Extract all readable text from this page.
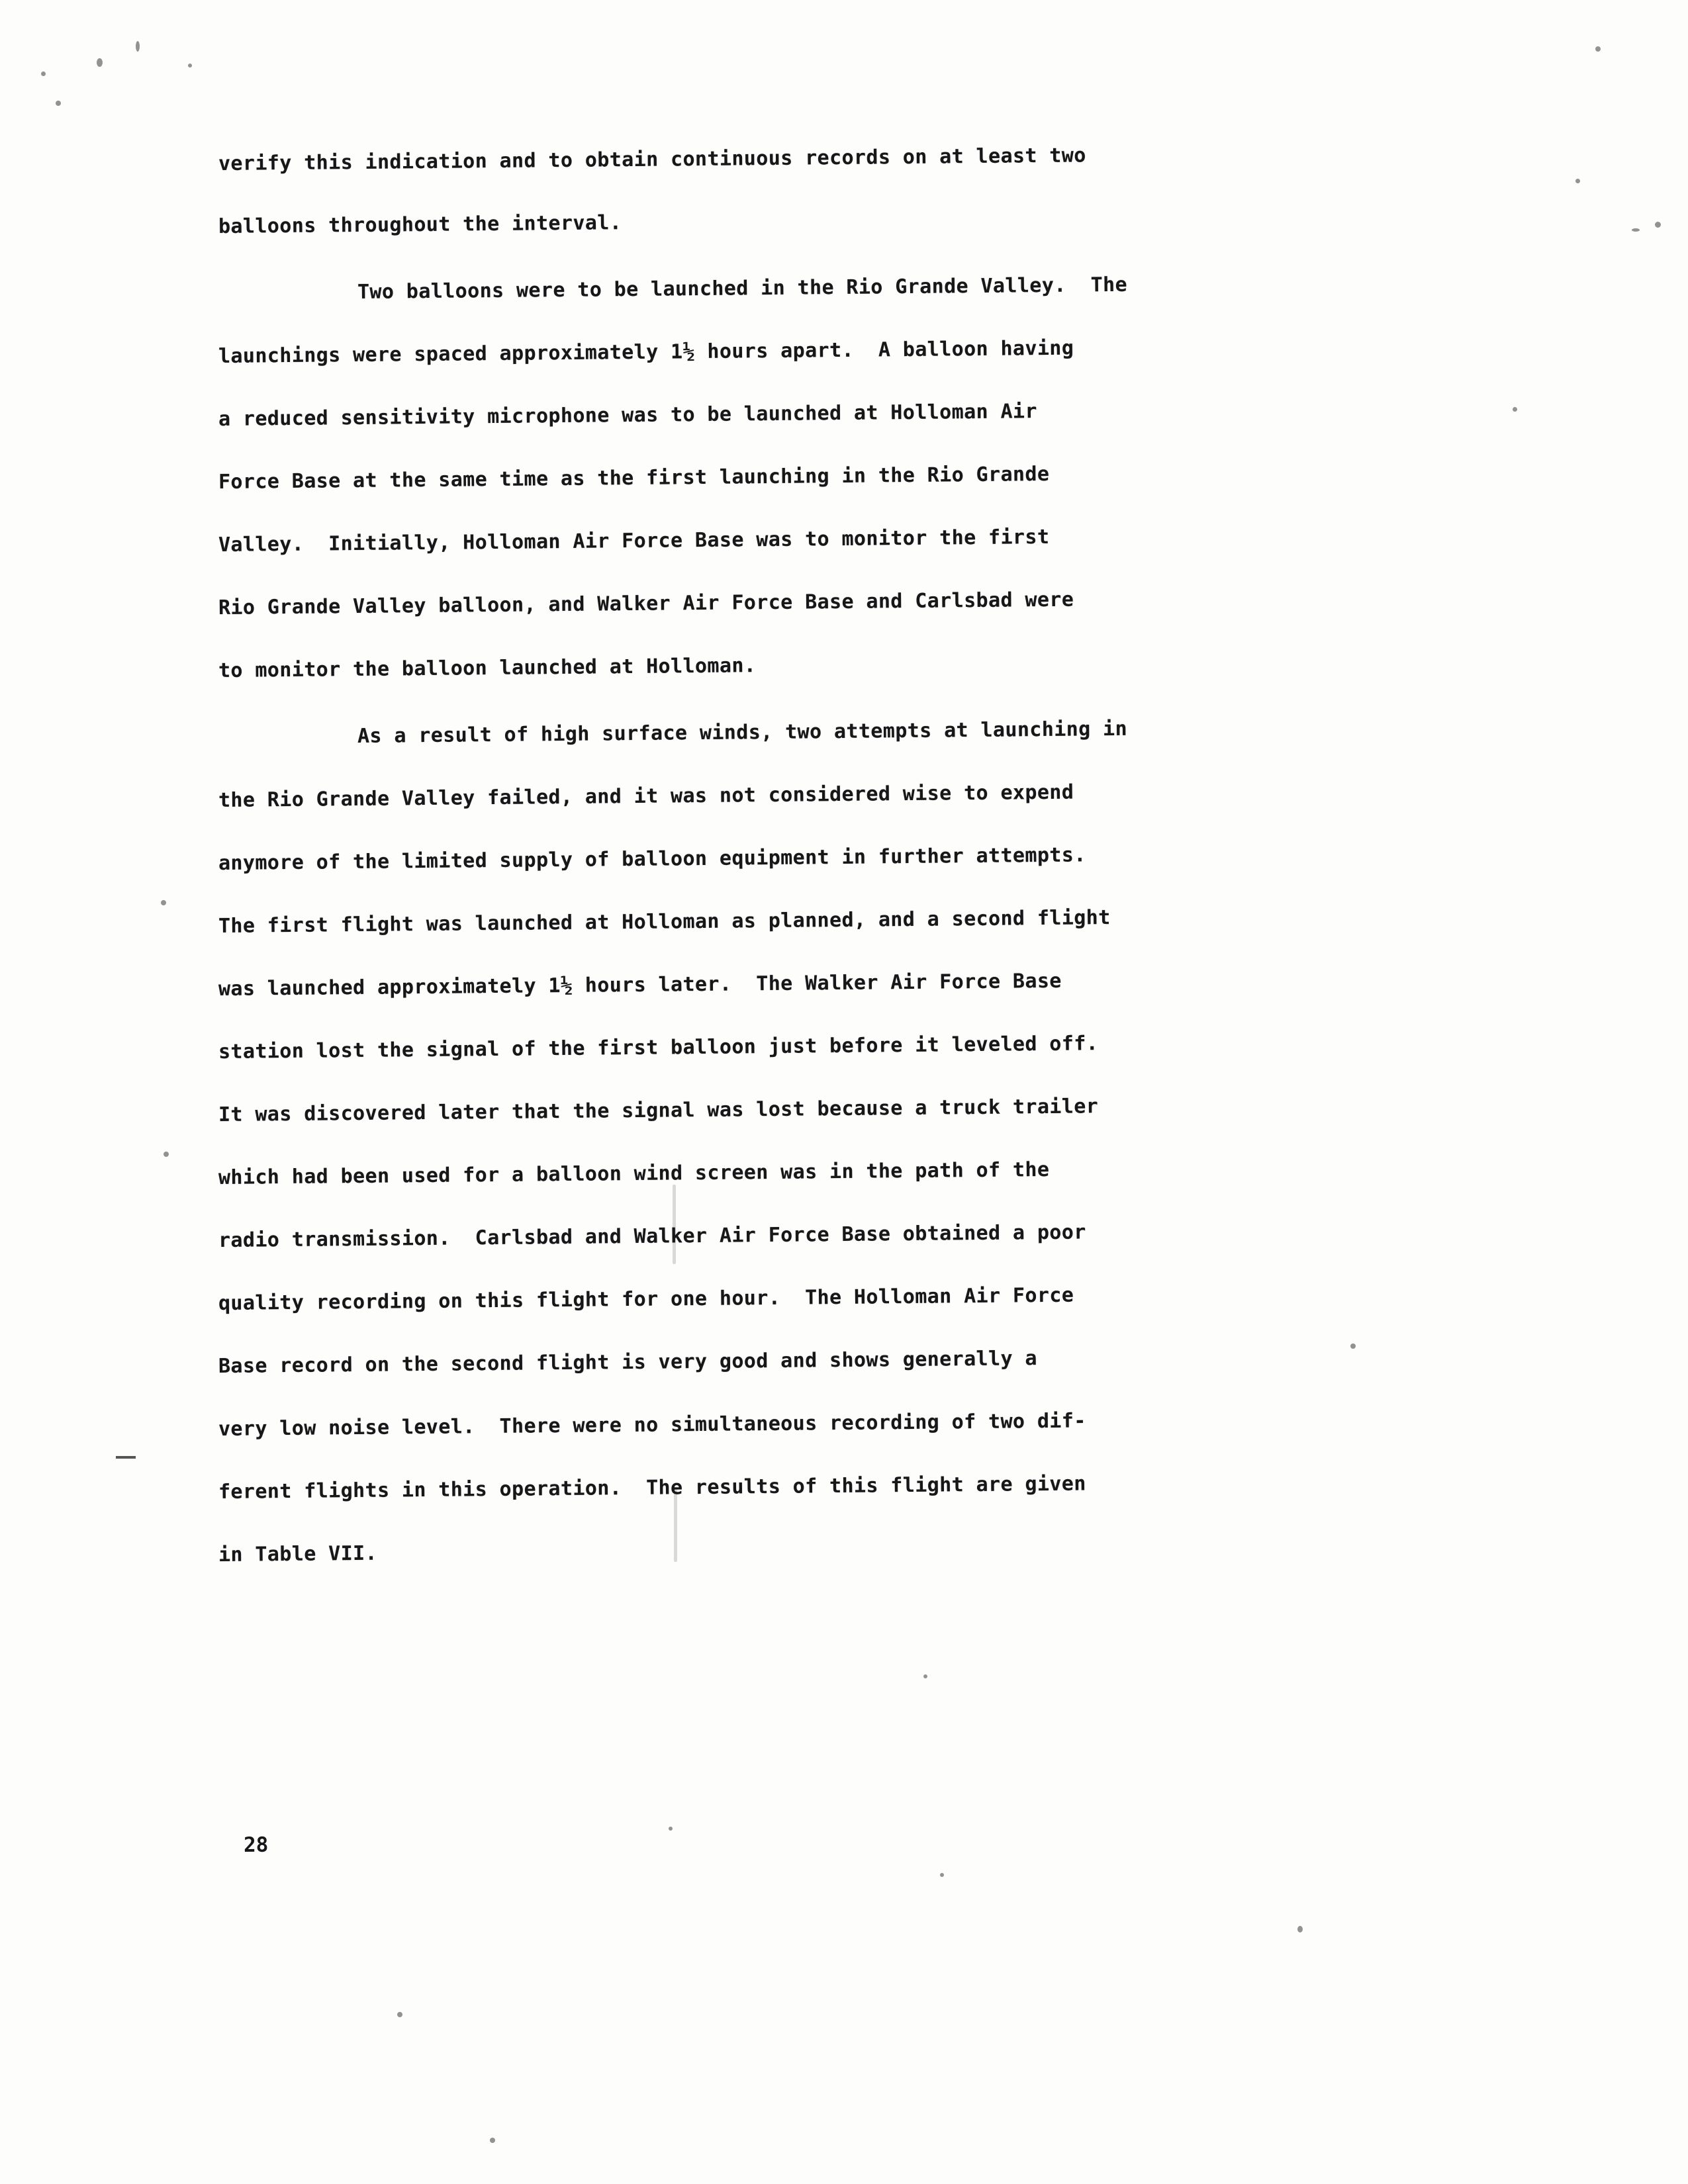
verify this indication and to obtain continuous records on at least two
balloons throughout the interval.
Two balloons were to be launched in the Rio Grande Valley.  The
launchings were spaced approximately 1½ hours apart.  A balloon having
a reduced sensitivity microphone was to be launched at Holloman Air
Force Base at the same time as the first launching in the Rio Grande
Valley.  Initially, Holloman Air Force Base was to monitor the first
Rio Grande Valley balloon, and Walker Air Force Base and Carlsbad were
to monitor the balloon launched at Holloman.
As a result of high surface winds, two attempts at launching in
the Rio Grande Valley failed, and it was not considered wise to expend
anymore of the limited supply of balloon equipment in further attempts.
The first flight was launched at Holloman as planned, and a second flight
was launched approximately 1½ hours later.  The Walker Air Force Base
station lost the signal of the first balloon just before it leveled off.
It was discovered later that the signal was lost because a truck trailer
which had been used for a balloon wind screen was in the path of the
radio transmission.  Carlsbad and Walker Air Force Base obtained a poor
quality recording on this flight for one hour.  The Holloman Air Force
Base record on the second flight is very good and shows generally a
very low noise level.  There were no simultaneous recording of two dif-
ferent flights in this operation.  The results of this flight are given
in Table VII.
28
